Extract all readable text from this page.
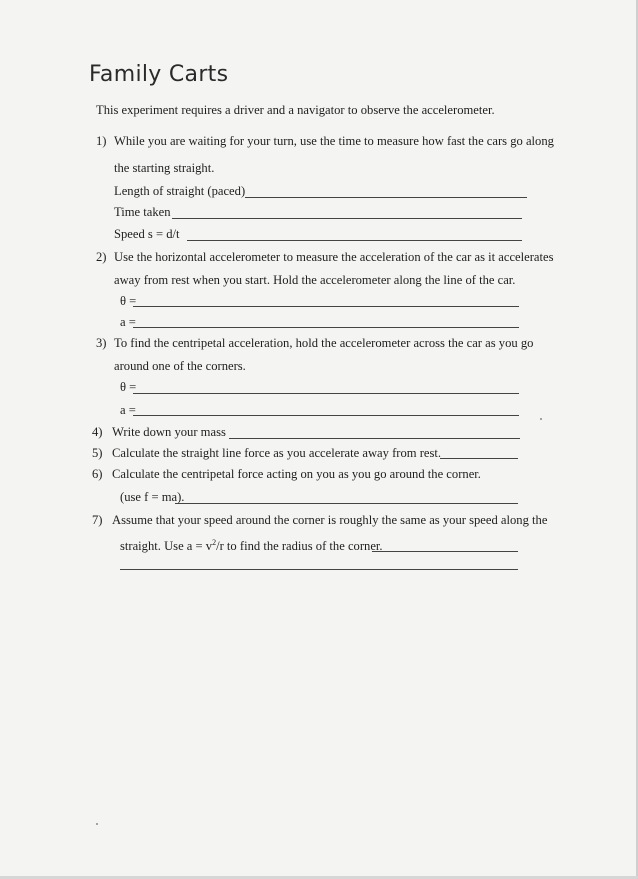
Family Carts
This experiment requires a driver and a navigator to observe the accelerometer.
1) While you are waiting for your turn, use the time to measure how fast the cars go along
the starting straight.
Length of straight (paced)
Time taken
Speed s = d/t
2) Use the horizontal accelerometer to measure the acceleration of the car as it accelerates
away from rest when you start. Hold the accelerometer along the line of the car.
θ =
a =
3) To find the centripetal acceleration, hold the accelerometer across the car as you go
around one of the corners.
θ =
a =
4) Write down your mass
5) Calculate the straight line force as you accelerate away from rest.
6) Calculate the centripetal force acting on you as you go around the corner.
(use f = ma).
7) Assume that your speed around the corner is roughly the same as your speed along the
straight. Use $a = v^2/r$ to find the radius of the corner.
